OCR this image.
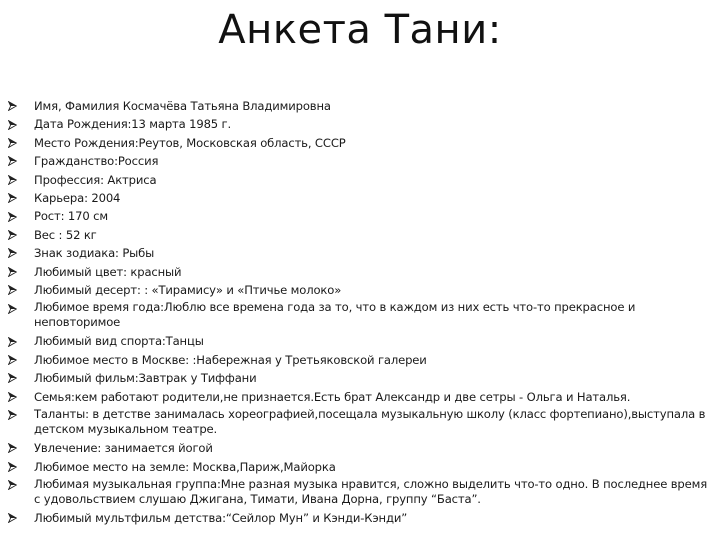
Анкета Тани:
Имя, Фамилия Космачёва Татьяна Владимировна
Дата Рождения:13 марта 1985 г.
Место Рождения:Реутов, Московская область, СССР
Гражданство:Россия
Профессия: Актриса
Карьера: 2004
Рост: 170 см
Вес : 52 кг
Знак зодиака: Рыбы
Любимый цвет: красный
Любимый десерт: : «Тирамису» и «Птичье молоко»
Любимое время года:Люблю все времена года за то, что в каждом из них есть что-то прекрасное и неповторимое
Любимый вид спорта:Танцы
Любимое место в Москве: :Набережная у Третьяковской галереи
Любимый фильм:Завтрак у Тиффани
Семья:кем работают родители,не признается.Есть брат Александр и две сетры - Ольга и Наталья.
Таланты: в детстве занималась хореографией,посещала музыкальную школу (класс фортепиано),выступала в детском музыкальном театре.
Увлечение: занимается йогой
Любимое место на земле: Москва,Париж,Майорка
Любимая музыкальная группа:Мне разная музыка нравится, сложно выделить что-то одно. В последнее время с удовольствием слушаю Джигана, Тимати, Ивана Дорна, группу “Баста”.
Любимый мультфильм детства:“Сейлор Мун” и Кэнди-Кэнди”
